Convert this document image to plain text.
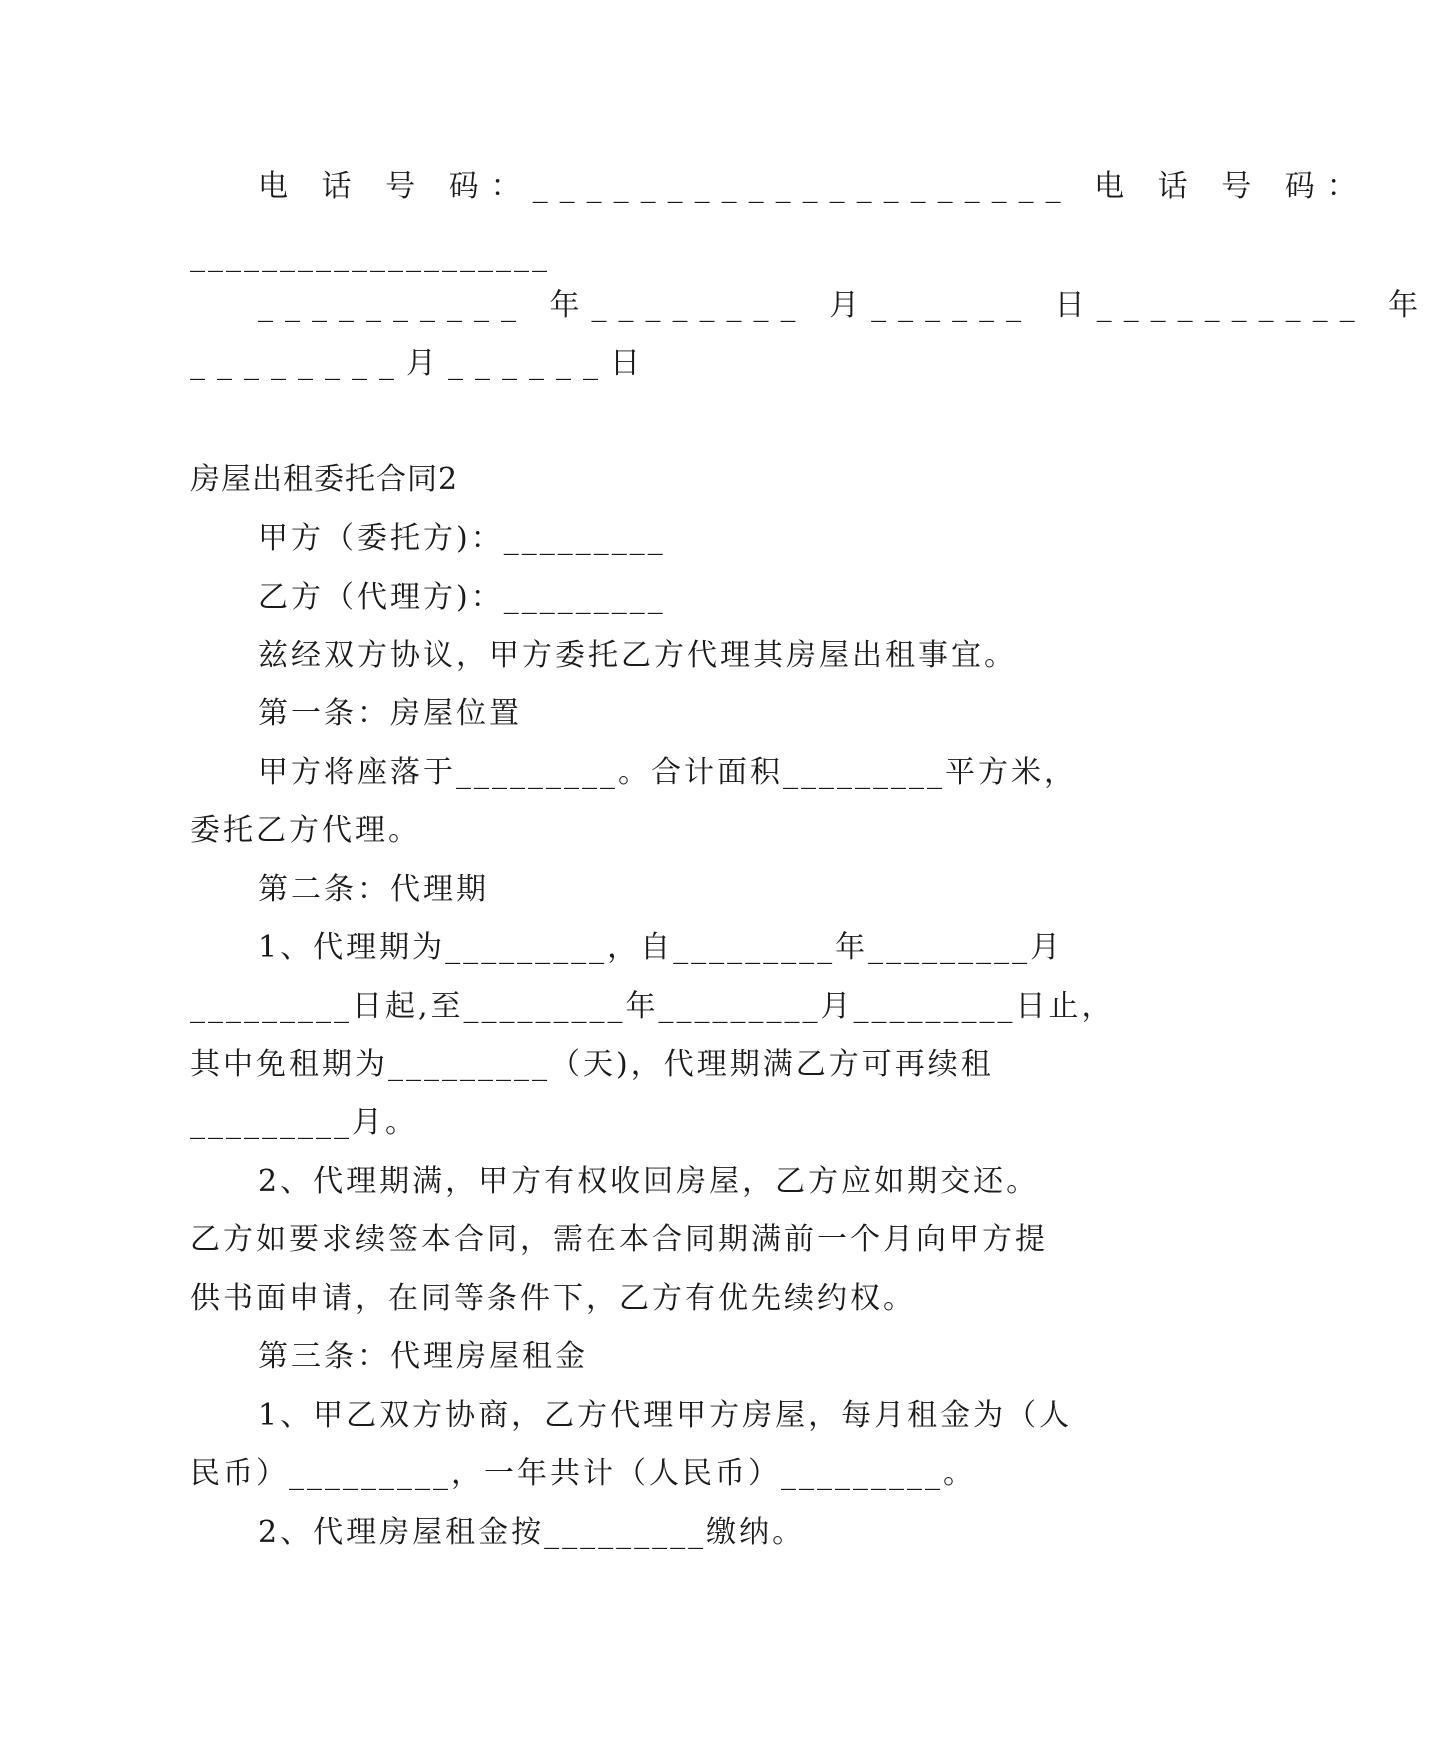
电 话 号 码：____________________ 电 话 号 码：
____________________
__________ 年________ 月______ 日__________ 年
________月______日
房屋出租委托合同2
甲方（委托方)：_________
乙方（代理方)：_________
兹经双方协议，甲方委托乙方代理其房屋出租事宜。
第一条：房屋位置
甲方将座落于_________。合计面积_________平方米，
委托乙方代理。
第二条：代理期
1、代理期为_________，自_________年_________月
_________日起,至_________年_________月_________日止，
其中免租期为_________（天)，代理期满乙方可再续租
_________月。
2、代理期满，甲方有权收回房屋，乙方应如期交还。
乙方如要求续签本合同，需在本合同期满前一个月向甲方提
供书面申请，在同等条件下，乙方有优先续约权。
第三条：代理房屋租金
1、甲乙双方协商，乙方代理甲方房屋，每月租金为（人
民币）_________，一年共计（人民币）_________。
2、代理房屋租金按_________缴纳。
